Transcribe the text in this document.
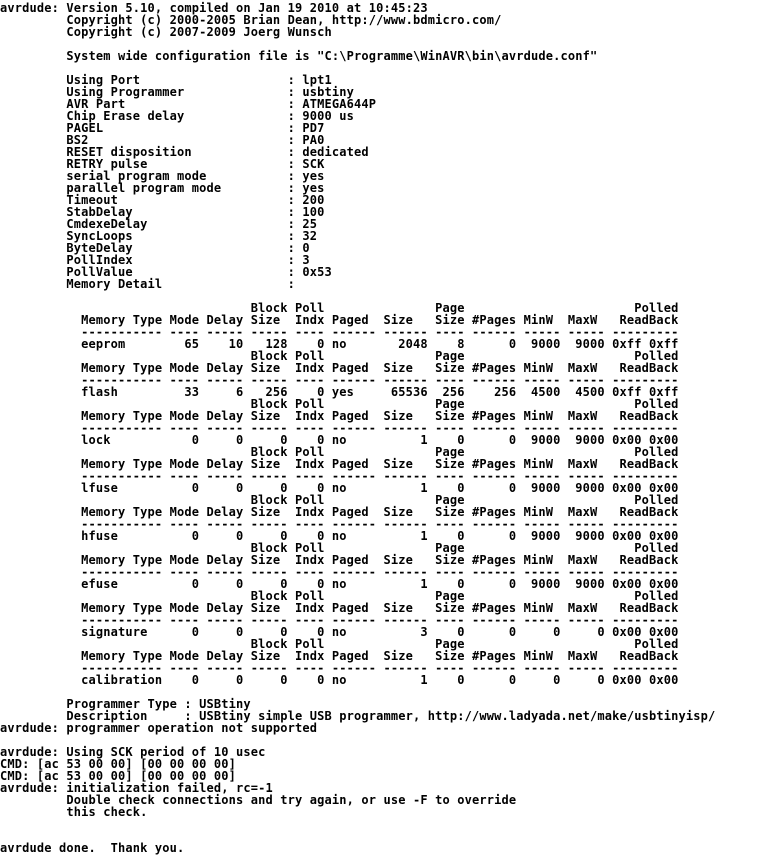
avrdude: Version 5.10, compiled on Jan 19 2010 at 10:45:23
Copyright (c) 2000-2005 Brian Dean, http://www.bdmicro.com/
Copyright (c) 2007-2009 Joerg Wunsch
System wide configuration file is "C:\Programme\WinAVR\bin\avrdude.conf"
Using Port                    : lpt1
Using Programmer              : usbtiny
AVR Part                      : ATMEGA644P
Chip Erase delay              : 9000 us
PAGEL                         : PD7
BS2                           : PA0
RESET disposition             : dedicated
RETRY pulse                   : SCK
serial program mode           : yes
parallel program mode         : yes
Timeout                       : 200
StabDelay                     : 100
CmdexeDelay                   : 25
SyncLoops                     : 32
ByteDelay                     : 0
PollIndex                     : 3
PollValue                     : 0x53
Memory Detail                 :
Block Poll               Page                       Polled
Memory Type Mode Delay Size  Indx Paged  Size   Size #Pages MinW  MaxW   ReadBack
----------- ---- ----- ----- ---- ------ ------ ---- ------ ----- ----- ---------
eeprom        65    10   128    0 no       2048    8      0  9000  9000 0xff 0xff
Block Poll               Page                       Polled
Memory Type Mode Delay Size  Indx Paged  Size   Size #Pages MinW  MaxW   ReadBack
----------- ---- ----- ----- ---- ------ ------ ---- ------ ----- ----- ---------
flash         33     6   256    0 yes     65536  256    256  4500  4500 0xff 0xff
Block Poll               Page                       Polled
Memory Type Mode Delay Size  Indx Paged  Size   Size #Pages MinW  MaxW   ReadBack
----------- ---- ----- ----- ---- ------ ------ ---- ------ ----- ----- ---------
lock           0     0     0    0 no          1    0      0  9000  9000 0x00 0x00
Block Poll               Page                       Polled
Memory Type Mode Delay Size  Indx Paged  Size   Size #Pages MinW  MaxW   ReadBack
----------- ---- ----- ----- ---- ------ ------ ---- ------ ----- ----- ---------
lfuse          0     0     0    0 no          1    0      0  9000  9000 0x00 0x00
Block Poll               Page                       Polled
Memory Type Mode Delay Size  Indx Paged  Size   Size #Pages MinW  MaxW   ReadBack
----------- ---- ----- ----- ---- ------ ------ ---- ------ ----- ----- ---------
hfuse          0     0     0    0 no          1    0      0  9000  9000 0x00 0x00
Block Poll               Page                       Polled
Memory Type Mode Delay Size  Indx Paged  Size   Size #Pages MinW  MaxW   ReadBack
----------- ---- ----- ----- ---- ------ ------ ---- ------ ----- ----- ---------
efuse          0     0     0    0 no          1    0      0  9000  9000 0x00 0x00
Block Poll               Page                       Polled
Memory Type Mode Delay Size  Indx Paged  Size   Size #Pages MinW  MaxW   ReadBack
----------- ---- ----- ----- ---- ------ ------ ---- ------ ----- ----- ---------
signature      0     0     0    0 no          3    0      0     0     0 0x00 0x00
Block Poll               Page                       Polled
Memory Type Mode Delay Size  Indx Paged  Size   Size #Pages MinW  MaxW   ReadBack
----------- ---- ----- ----- ---- ------ ------ ---- ------ ----- ----- ---------
calibration    0     0     0    0 no          1    0      0     0     0 0x00 0x00
Programmer Type : USBtiny
Description     : USBtiny simple USB programmer, http://www.ladyada.net/make/usbtinyisp/
avrdude: programmer operation not supported
avrdude: Using SCK period of 10 usec
CMD: [ac 53 00 00] [00 00 00 00]
CMD: [ac 53 00 00] [00 00 00 00]
avrdude: initialization failed, rc=-1
Double check connections and try again, or use -F to override
this check.
avrdude done.  Thank you.
